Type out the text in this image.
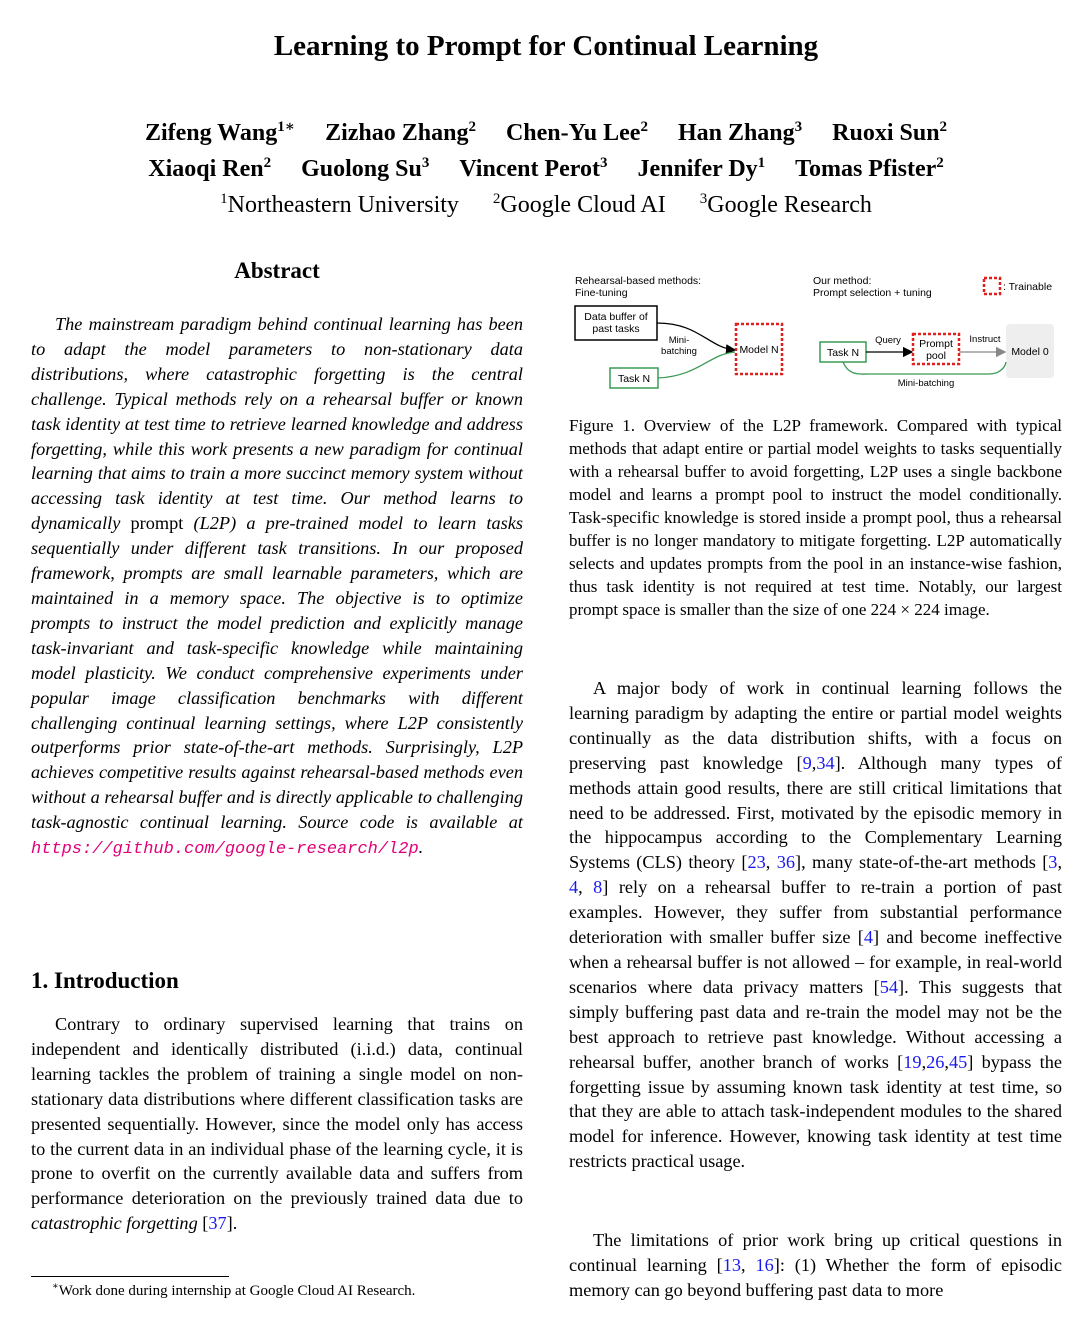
Learning to Prompt for Continual Learning
Zifeng Wang$^{1∗}$ Zizhao Zhang$^2$ Chen-Yu Lee$^2$ Han Zhang$^3$ Ruoxi Sun$^2$
Xiaoqi Ren$^2$ Guolong Su$^3$ Vincent Perot$^3$ Jennifer Dy$^1$ Tomas Pfister$^2$
$^1$Northeastern University $^2$Google Cloud AI $^3$Google Research
Abstract

The mainstream paradigm behind continual learning has been to adapt the model parameters to non-stationary data distributions, where catastrophic forgetting is the central challenge. Typical methods rely on a rehearsal buffer or known task identity at test time to retrieve learned knowledge and address forgetting, while this work presents a new paradigm for continual learning that aims to train a more succinct memory system without accessing task identity at test time. Our method learns to dynamically prompt (L2P) a pre-trained model to learn tasks sequentially under different task transitions. In our proposed framework, prompts are small learnable parameters, which are maintained in a memory space. The objective is to optimize prompts to instruct the model prediction and explicitly manage task-invariant and task-specific knowledge while maintaining model plasticity. We conduct comprehensive experiments under popular image classification benchmarks with different challenging continual learning settings, where L2P consistently outperforms prior state-of-the-art methods. Surprisingly, L2P achieves competitive results against rehearsal-based methods even without a rehearsal buffer and is directly applicable to challenging task-agnostic continual learning. Source code is available at https://github.com/google-research/l2p.

1. Introduction

Contrary to ordinary supervised learning that trains on independent and identically distributed (i.i.d.) data, continual learning tackles the problem of training a single model on non-stationary data distributions where different classification tasks are presented sequentially. However, since the model only has access to the current data in an individual phase of the learning cycle, it is prone to overfit on the currently available data and suffers from performance deterioration on the previously trained data due to catastrophic forgetting [37].

∗Work done during internship at Google Cloud AI Research.
Rehearsal-based methods:
Fine-tuning
Data buffer of
past tasks
Mini-
batching
Task N
Model N
Our method:
Prompt selection + tuning	: Trainable
Task N
Query Prompt
pool
Instruct
Model 0
Mini-batching

Figure 1. Overview of the L2P framework. Compared with typical methods that adapt entire or partial model weights to tasks sequentially with a rehearsal buffer to avoid forgetting, L2P uses a single backbone model and learns a prompt pool to instruct the model conditionally. Task-specific knowledge is stored inside a prompt pool, thus a rehearsal buffer is no longer mandatory to mitigate forgetting. L2P automatically selects and updates prompts from the pool in an instance-wise fashion, thus task identity is not required at test time. Notably, our largest prompt space is smaller than the size of one 224 × 224 image.

A major body of work in continual learning follows the learning paradigm by adapting the entire or partial model weights continually as the data distribution shifts, with a focus on preserving past knowledge [9,34]. Although many types of methods attain good results, there are still critical limitations that need to be addressed. First, motivated by the episodic memory in the hippocampus according to the Complementary Learning Systems (CLS) theory [23, 36], many state-of-the-art methods [3, 4, 8] rely on a rehearsal buffer to re-train a portion of past examples. However, they suffer from substantial performance deterioration with smaller buffer size [4] and become ineffective when a rehearsal buffer is not allowed – for example, in real-world scenarios where data privacy matters [54]. This suggests that simply buffering past data and re-train the model may not be the best approach to retrieve past knowledge. Without accessing a rehearsal buffer, another branch of works [19,26,45] bypass the forgetting issue by assuming known task identity at test time, so that they are able to attach task-independent modules to the shared model for inference. However, knowing task identity at test time restricts practical usage.

The limitations of prior work bring up critical questions in continual learning [13, 16]: (1) Whether the form of episodic memory can go beyond buffering past data to more
